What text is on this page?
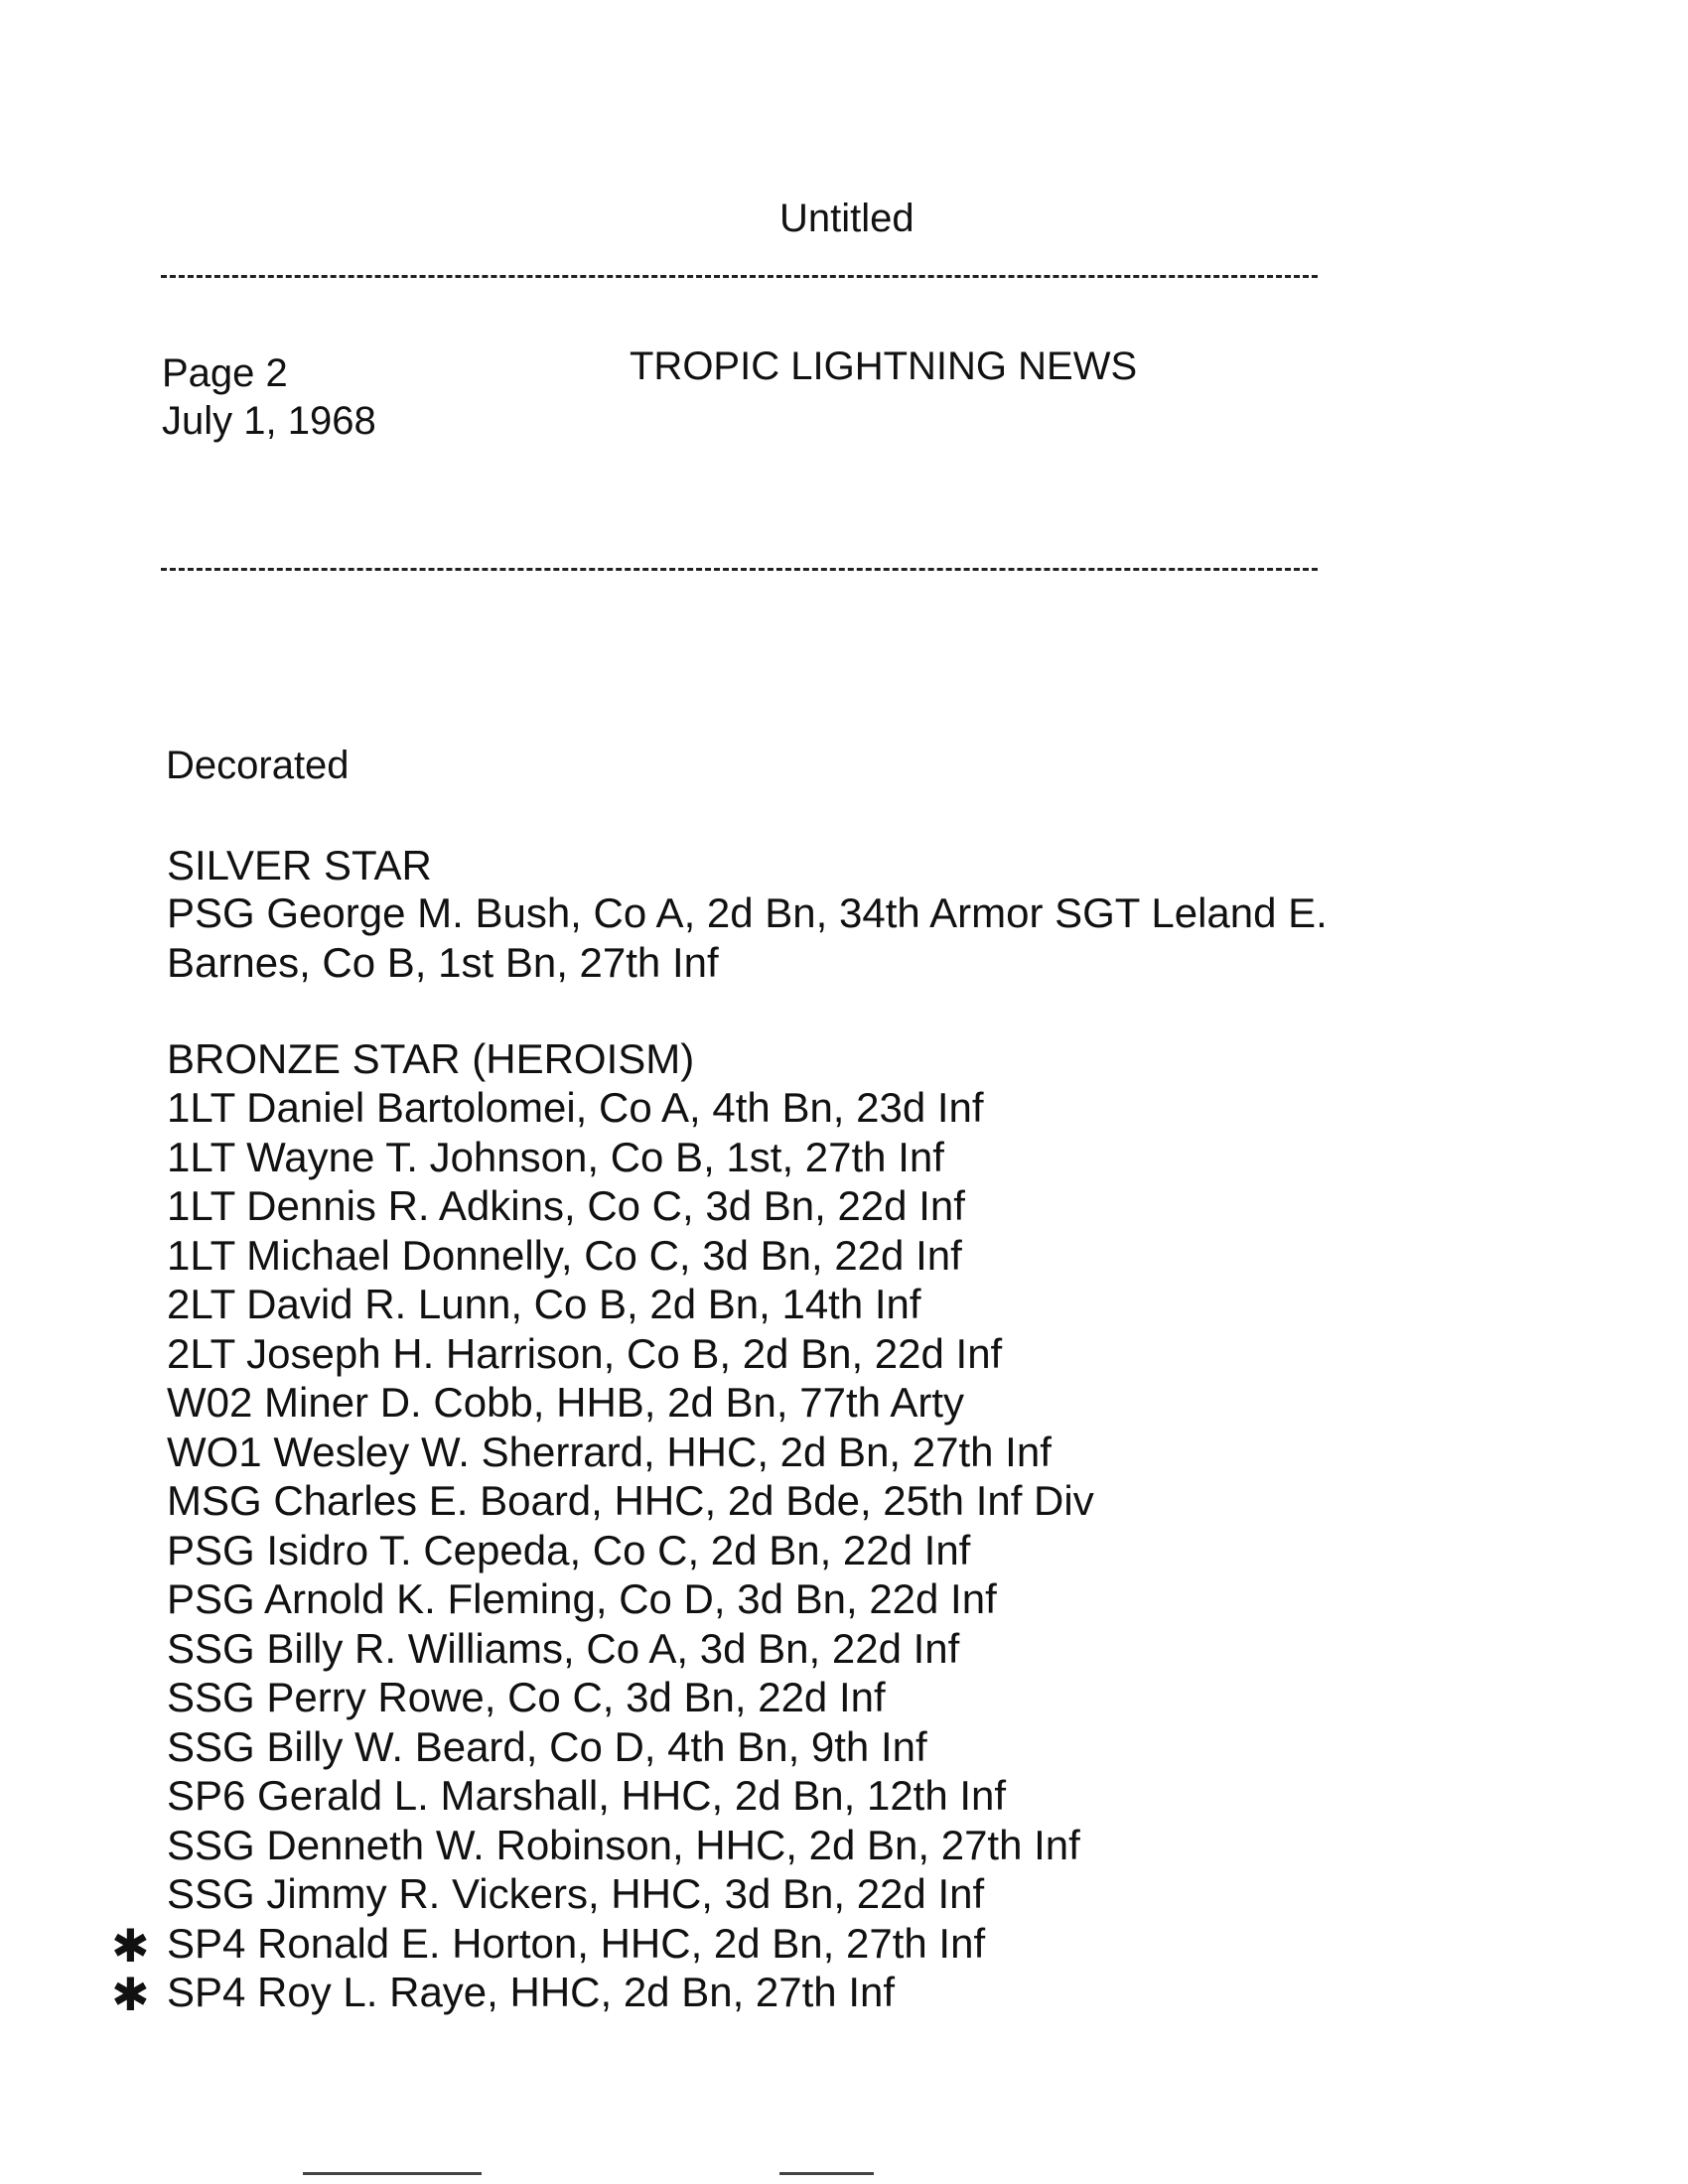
Untitled
Page 2
July 1, 1968
TROPIC LIGHTNING NEWS
Decorated
SILVER STAR
PSG George M. Bush, Co A, 2d Bn, 34th Armor SGT Leland E.
Barnes, Co B, 1st Bn, 27th Inf
BRONZE STAR (HEROISM)
1LT Daniel Bartolomei, Co A, 4th Bn, 23d Inf
1LT Wayne T. Johnson, Co B, 1st, 27th Inf
1LT Dennis R. Adkins, Co C, 3d Bn, 22d Inf
1LT Michael Donnelly, Co C, 3d Bn, 22d Inf
2LT David R. Lunn, Co B, 2d Bn, 14th Inf
2LT Joseph H. Harrison, Co B, 2d Bn, 22d Inf
W02 Miner D. Cobb, HHB, 2d Bn, 77th Arty
WO1 Wesley W. Sherrard, HHC, 2d Bn, 27th Inf
MSG Charles E. Board, HHC, 2d Bde, 25th Inf Div
PSG Isidro T. Cepeda, Co C, 2d Bn, 22d Inf
PSG Arnold K. Fleming, Co D, 3d Bn, 22d Inf
SSG Billy R. Williams, Co A, 3d Bn, 22d Inf
SSG Perry Rowe, Co C, 3d Bn, 22d Inf
SSG Billy W. Beard, Co D, 4th Bn, 9th Inf
SP6 Gerald L. Marshall, HHC, 2d Bn, 12th Inf
SSG Denneth W. Robinson, HHC, 2d Bn, 27th Inf
SSG Jimmy R. Vickers, HHC, 3d Bn, 22d Inf
✱ SP4 Ronald E. Horton, HHC, 2d Bn, 27th Inf
✱ SP4 Roy L. Raye, HHC, 2d Bn, 27th Inf
